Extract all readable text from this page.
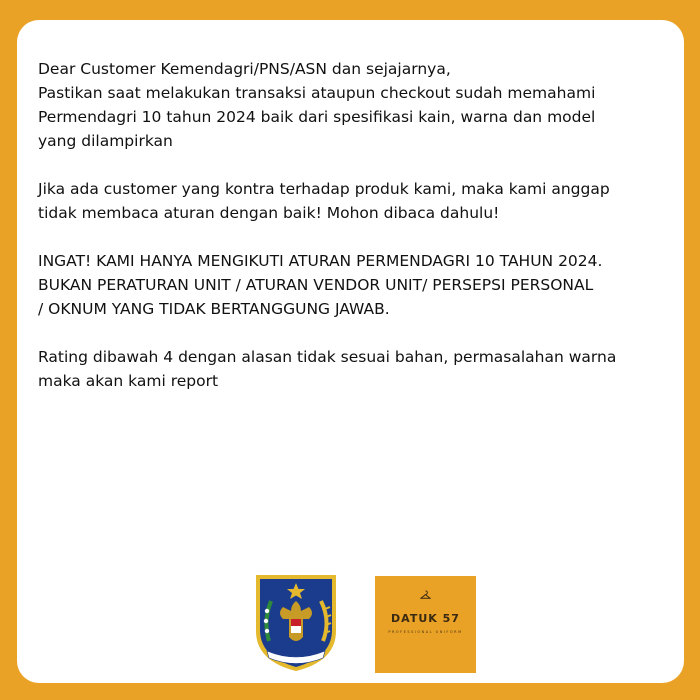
Dear Customer Kemendagri/PNS/ASN dan sejajarnya,
Pastikan saat melakukan transaksi ataupun checkout sudah memahami
Permendagri 10 tahun 2024 baik dari spesifikasi kain, warna dan model
yang dilampirkan

Jika ada customer yang kontra terhadap produk kami, maka kami anggap
tidak membaca aturan dengan baik! Mohon dibaca dahulu!

INGAT! KAMI HANYA MENGIKUTI ATURAN PERMENDAGRI 10 TAHUN 2024.
BUKAN PERATURAN UNIT / ATURAN VENDOR UNIT/ PERSEPSI PERSONAL
/ OKNUM YANG TIDAK BERTANGGUNG JAWAB.

Rating dibawah 4 dengan alasan tidak sesuai bahan, permasalahan warna
maka akan kami report

DATUK 57
PROFESSIONAL UNIFORM
